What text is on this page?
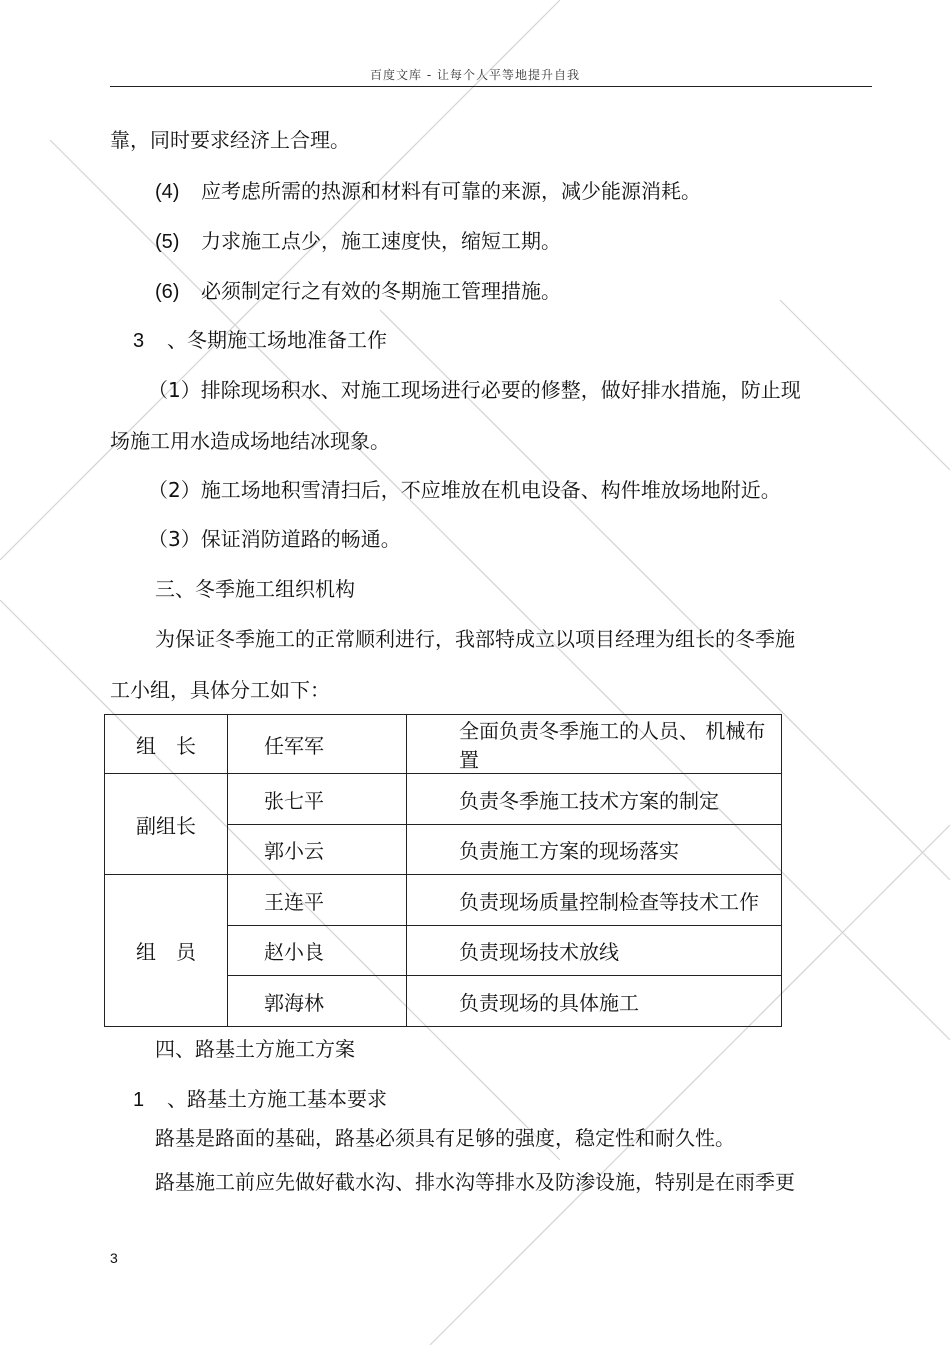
百度文库 - 让每个人平等地提升自我
靠，同时要求经济上合理。
(4) 应考虑所需的热源和材料有可靠的来源，减少能源消耗。
(5) 力求施工点少，施工速度快，缩短工期。
(6) 必须制定行之有效的冬期施工管理措施。
3 、冬期施工场地准备工作
（1）排除现场积水、对施工现场进行必要的修整，做好排水措施，防止现
场施工用水造成场地结冰现象。
（2）施工场地积雪清扫后，不应堆放在机电设备、构件堆放场地附近。
（3）保证消防道路的畅通。
三、冬季施工组织机构
为保证冬季施工的正常顺利进行，我部特成立以项目经理为组长的冬季施
工小组，具体分工如下：
组　长	任军军	全面负责冬季施工的人员、 机械布置
副组长	张七平	负责冬季施工技术方案的制定
	郭小云	负责施工方案的现场落实
组　员	王连平	负责现场质量控制检查等技术工作
	赵小良	负责现场技术放线
	郭海林	负责现场的具体施工
四、路基土方施工方案
1 、路基土方施工基本要求
路基是路面的基础，路基必须具有足够的强度，稳定性和耐久性。
路基施工前应先做好截水沟、排水沟等排水及防渗设施，特别是在雨季更
3
